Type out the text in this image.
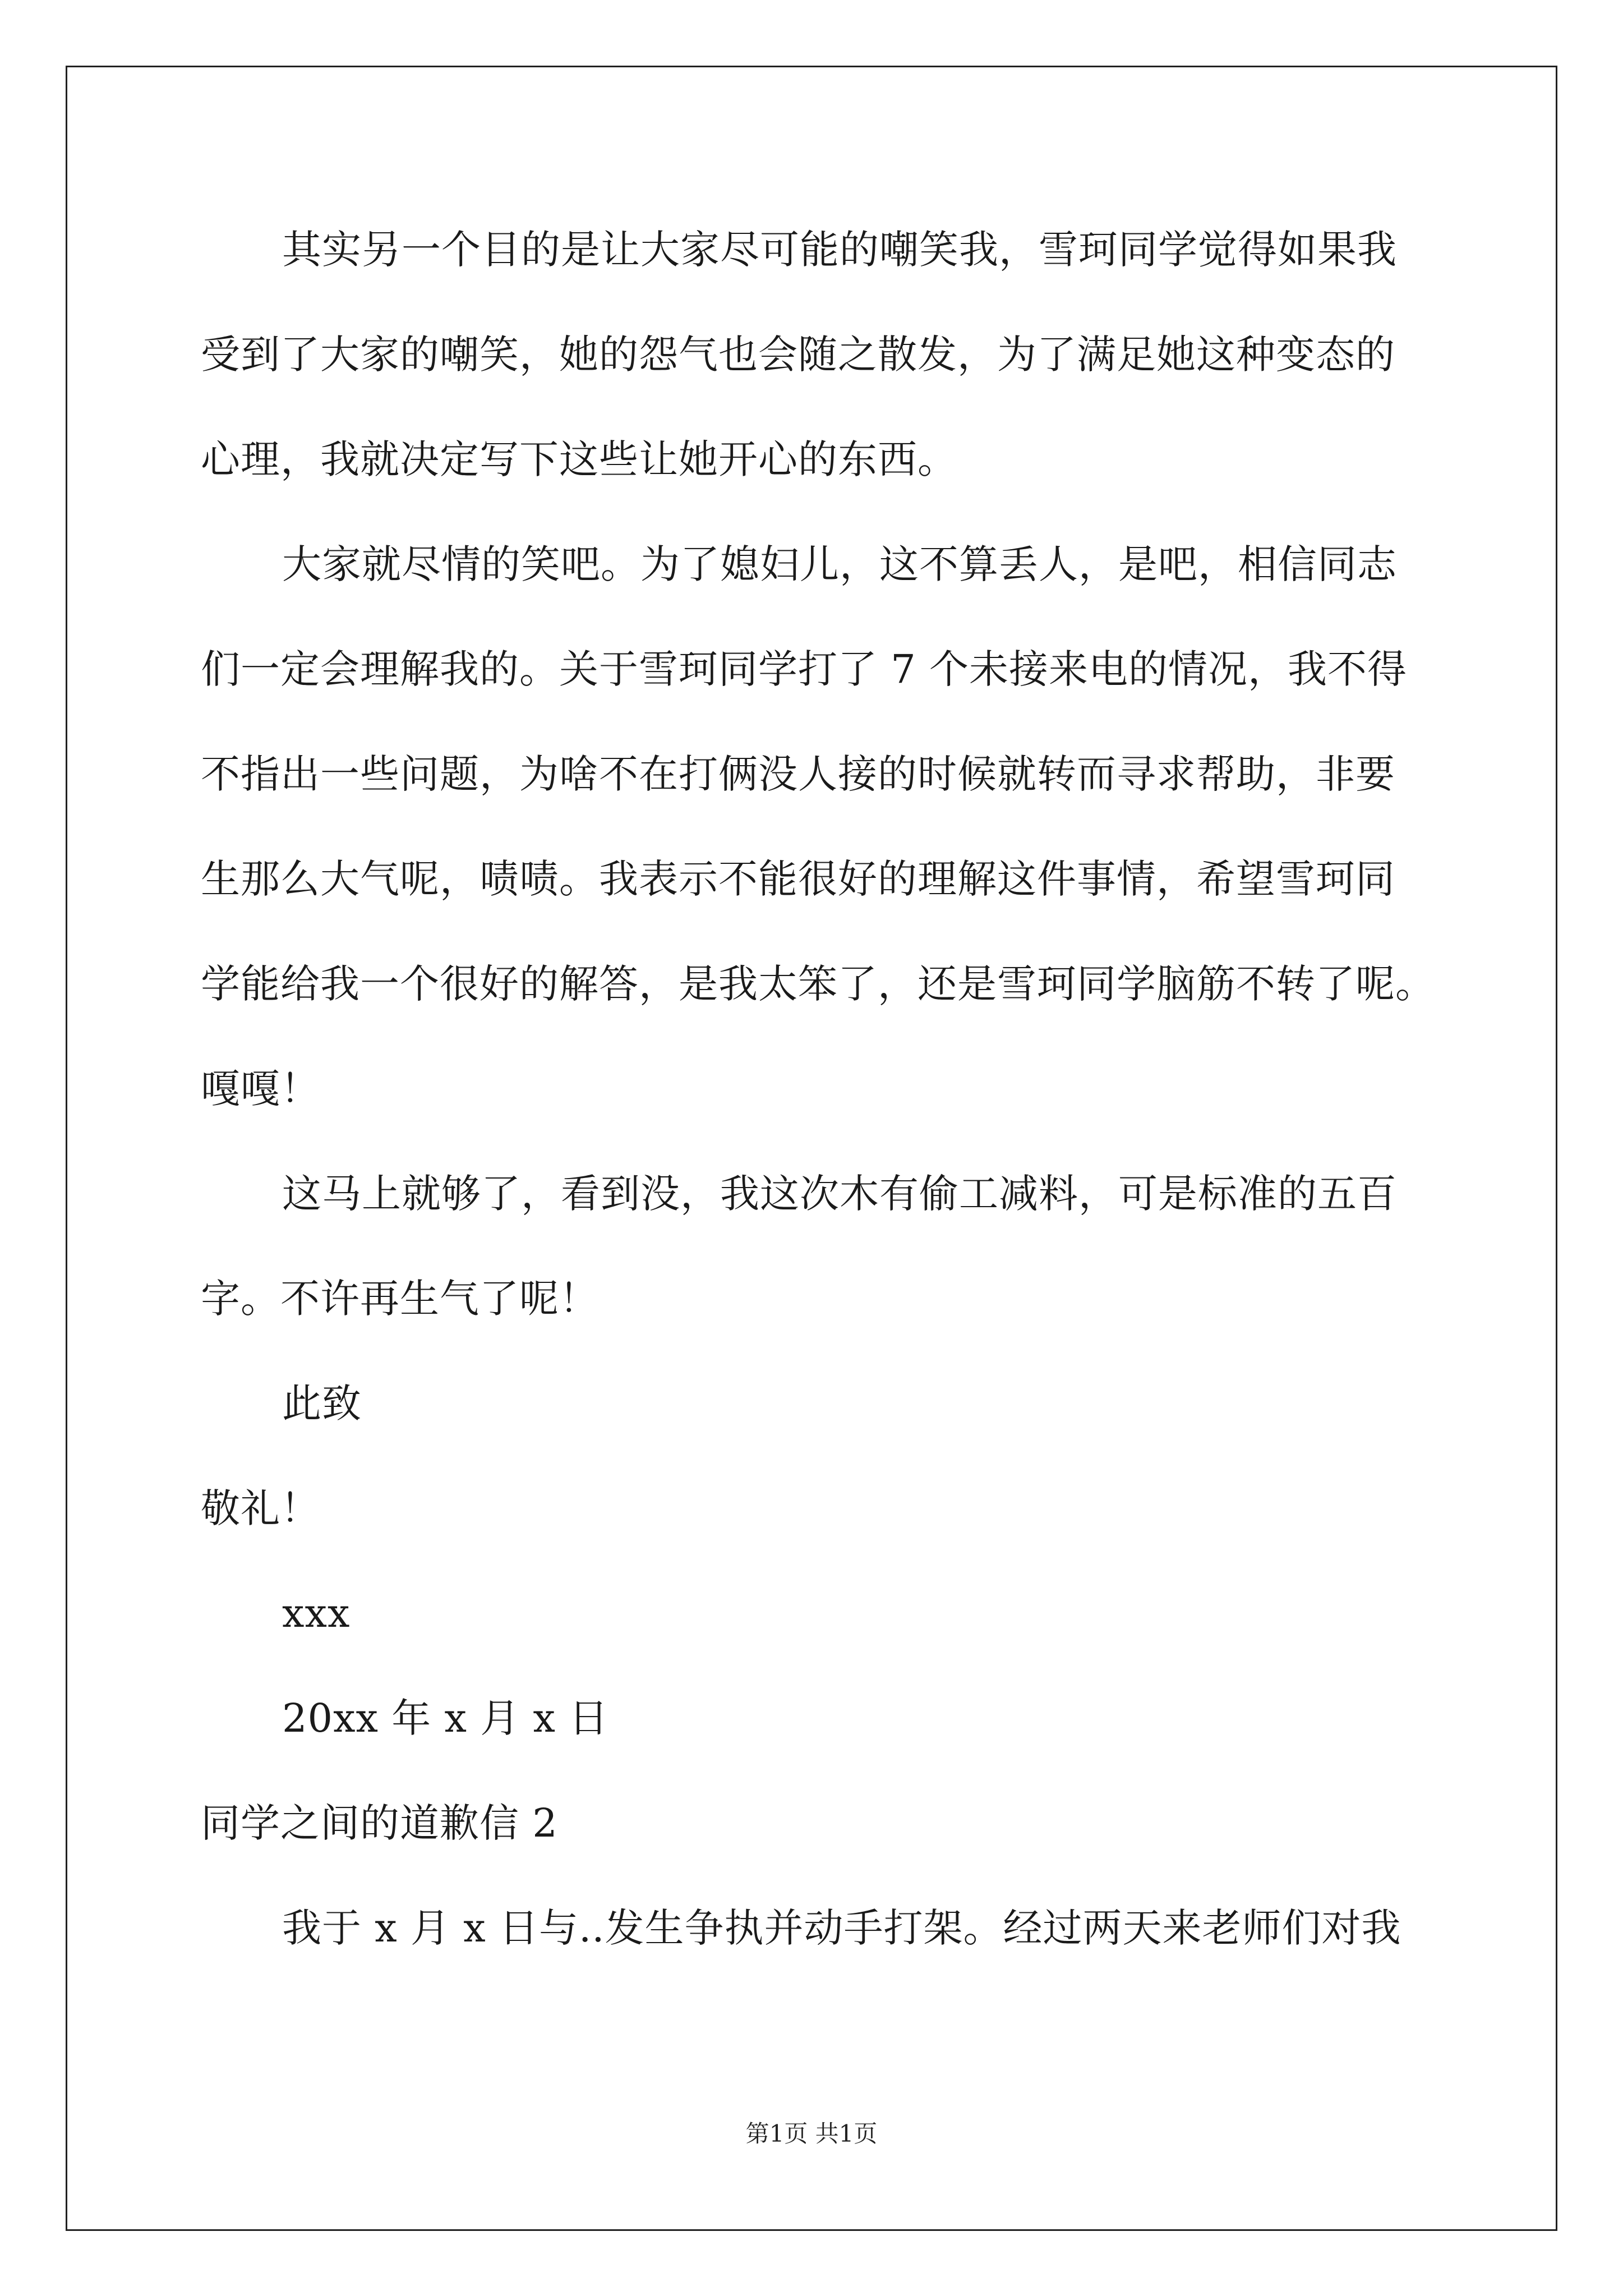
其实另一个目的是让大家尽可能的嘲笑我，雪珂同学觉得如果我
受到了大家的嘲笑，她的怨气也会随之散发，为了满足她这种变态的
心理，我就决定写下这些让她开心的东西。
大家就尽情的笑吧。为了媳妇儿，这不算丢人，是吧，相信同志
们一定会理解我的。关于雪珂同学打了 7 个未接来电的情况，我不得
不指出一些问题，为啥不在打俩没人接的时候就转而寻求帮助，非要
生那么大气呢，啧啧。我表示不能很好的理解这件事情，希望雪珂同
学能给我一个很好的解答，是我太笨了，还是雪珂同学脑筋不转了呢。
嘎嘎！
这马上就够了，看到没，我这次木有偷工减料，可是标准的五百
字。不许再生气了呢！
此致
敬礼！
xxx
20xx 年 x 月 x 日
同学之间的道歉信 2
我于 x 月 x 日与..发生争执并动手打架。经过两天来老师们对我
第1页 共1页
